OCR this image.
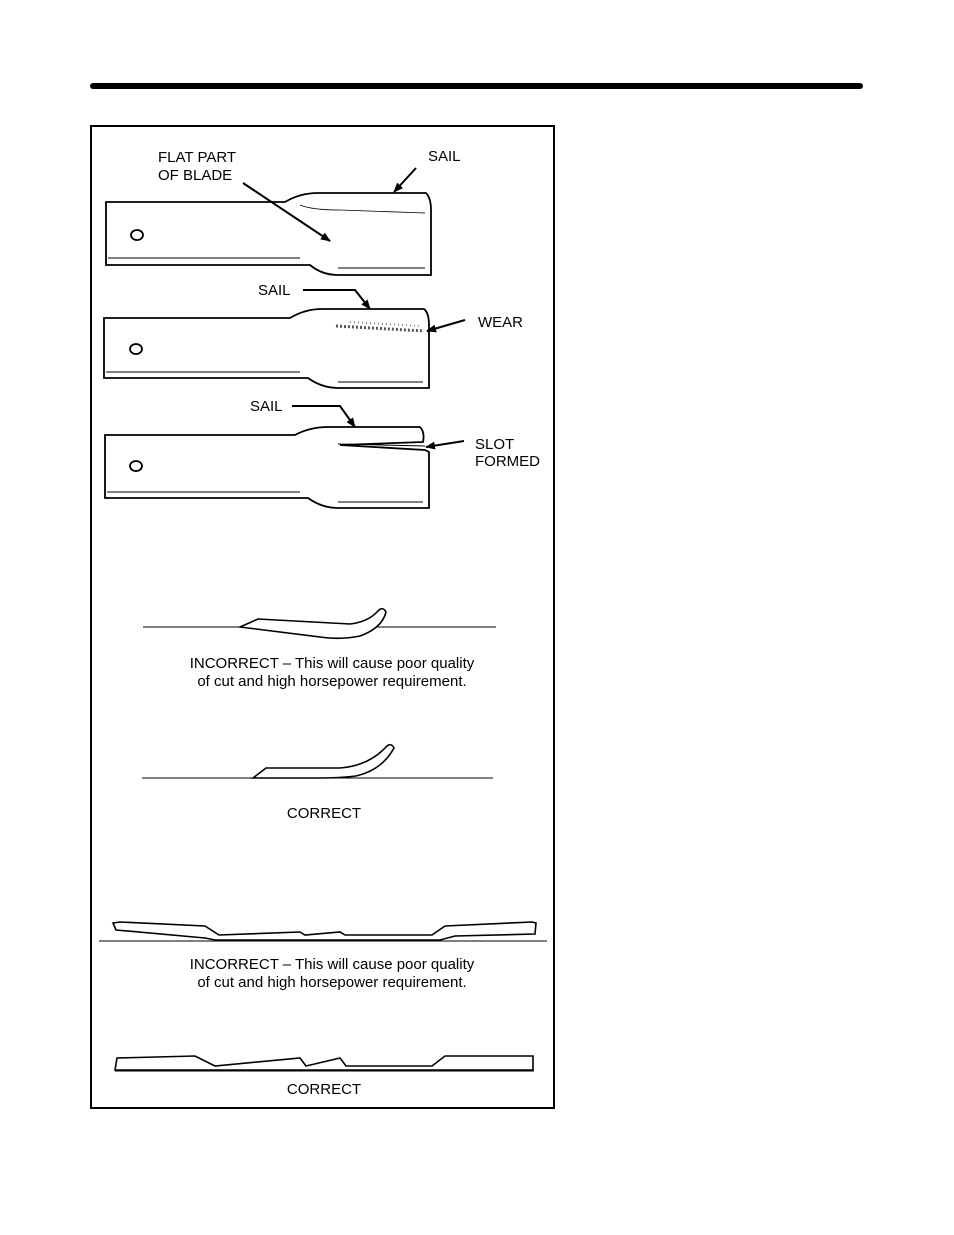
FLAT PART
OF BLADE
SAIL
SAIL
WEAR
SAIL
SLOT
FORMED
INCORRECT – This will cause poor quality
of cut and high horsepower requirement.
CORRECT
INCORRECT – This will cause poor quality
of cut and high horsepower requirement.
CORRECT
